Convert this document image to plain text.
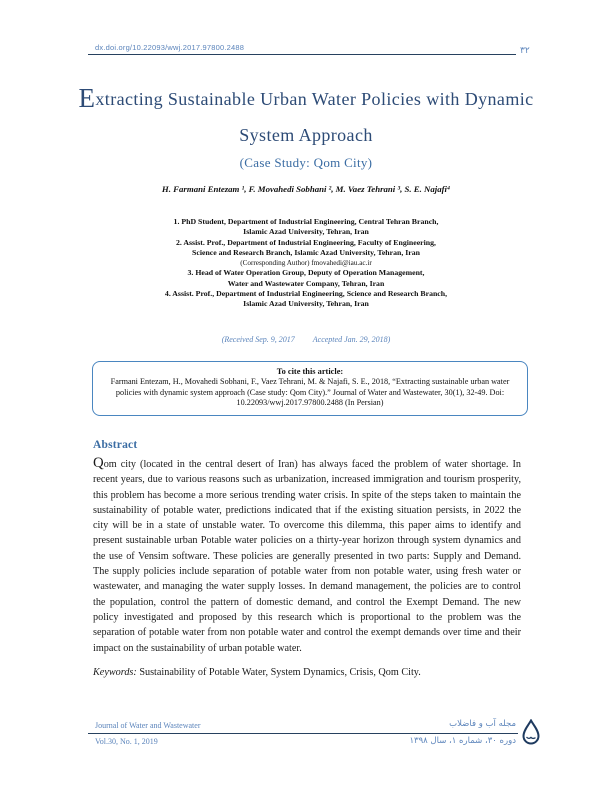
dx.doi.org/10.22093/wwj.2017.97800.2488	۳۲
Extracting Sustainable Urban Water Policies with Dynamic
System Approach
(Case Study: Qom City)
H. Farmani Entezam ¹, F. Movahedi Sobhani ², M. Vaez Tehrani ³, S. E. Najafi⁴
1. PhD Student, Department of Industrial Engineering, Central Tehran Branch,
Islamic Azad University, Tehran, Iran
2. Assist. Prof., Department of Industrial Engineering, Faculty of Engineering,
Science and Research Branch, Islamic Azad University, Tehran, Iran
(Corresponding Author) fmovahedi@iau.ac.ir
3. Head of Water Operation Group, Deputy of Operation Management,
Water and Wastewater Company, Tehran, Iran
4. Assist. Prof., Department of Industrial Engineering, Science and Research Branch,
Islamic Azad University, Tehran, Iran
(Received Sep. 9, 2017 Accepted Jan. 29, 2018)
To cite this article:
Farmani Entezam, H., Movahedi Sobhani, F., Vaez Tehrani, M. & Najafi, S. E., 2018, “Extracting sustainable urban water policies with dynamic system approach (Case study: Qom City).” Journal of Water and Wastewater, 30(1), 32-49. Doi: 10.22093/wwj.2017.97800.2488 (In Persian)
Abstract

Qom city (located in the central desert of Iran) has always faced the problem of water shortage. In recent years, due to various reasons such as urbanization, increased immigration and tourism prosperity, this problem has become a more serious trending water crisis. In spite of the steps taken to maintain the sustainability of potable water, predictions indicated that if the existing situation persists, in 2022 the city will be in a state of unstable water. To overcome this dilemma, this paper aims to identify and present sustainable urban Potable water policies on a thirty-year horizon through system dynamics and the use of Vensim software. These policies are generally presented in two parts: Supply and Demand. The supply policies include separation of potable water from non potable water, using fresh water or wastewater, and managing the water supply losses. In demand management, the policies are to control the population, control the pattern of domestic demand, and control the Exempt Demand. The new policy investigated and proposed by this research which is proportional to the problem was the separation of potable water from non potable water and control the exempt demands over time and their impact on the sustainability of urban potable water.

Keywords: Sustainability of Potable Water, System Dynamics, Crisis, Qom City.

Journal of Water and Wastewater
Vol.30, No. 1, 2019
مجله آب و فاضلاب
دوره ۳۰، شماره ۱، سال ۱۳۹۸
